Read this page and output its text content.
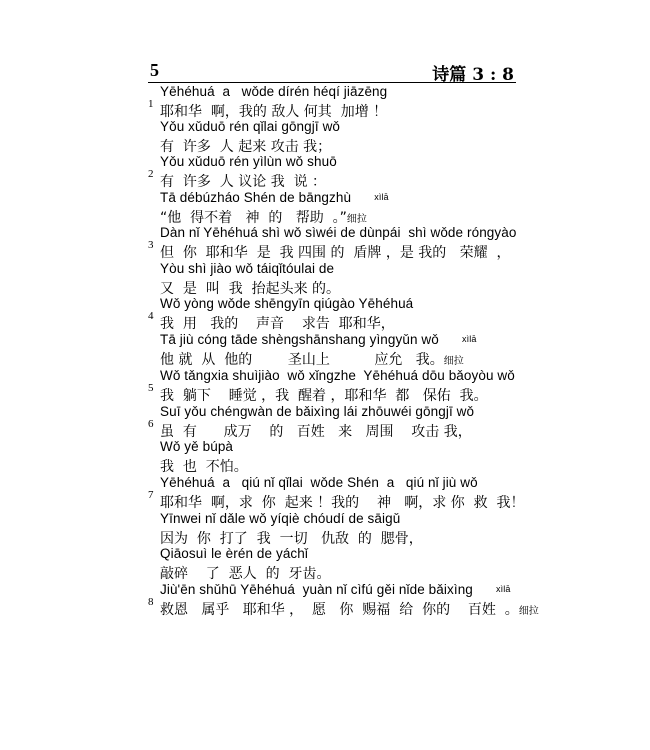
5	诗篇 3 : 8
1
Yēhéhuá  a   wǒde dírén héqí jiāzēng
耶和华  啊，我的 敌人 何其  加增 ！
Yǒu xǔduō rén qǐlai gōngjī wǒ
有  许多  人 起来 攻击 我；
2
Yǒu xǔduō rén yìlùn wǒ shuō
有  许多  人 议论 我  说 ：
Tā débúzháo Shén de bāngzhù	xìlā
“他  得不着   神  的   帮助  。”细拉
3
Dàn nǐ Yēhéhuá shì wǒ sìwéi de dùnpái  shì wǒde róngyào
但  你  耶和华  是  我 四围 的  盾牌 ，是 我的   荣耀  ，
Yòu shì jiào wǒ táiqǐtóulai de
又  是  叫  我  抬起头来 的。
4
Wǒ yòng wǒde shēngyīn qiúgào Yēhéhuá
我  用   我的    声音    求告  耶和华，
Tā jiù cóng tāde shèngshānshang yìngyǔn wǒ	xìlā
他 就  从  他的        圣山上          应允   我。细拉
5
Wǒ tǎngxia shuìjiào  wǒ xǐngzhe  Yēhéhuá dōu bǎoyòu wǒ
我  躺下    睡觉 ，我  醒着 ，耶和华  都   保佑  我。
6
Suī yǒu chéngwàn de bǎixìng lái zhōuwéi gōngjī wǒ
虽  有      成万    的   百姓   来   周围    攻击 我，
Wǒ yě búpà
我  也  不怕。
7
Yēhéhuá  a   qiú nǐ qǐlai  wǒde Shén  a   qiú nǐ jiù wǒ
耶和华  啊，求  你  起来 ！我的    神   啊，求 你  救  我！
Yīnwei nǐ dǎle wǒ yíqiè chóudí de sāigǔ
因为  你  打了  我  一切   仇敌  的  腮骨，
Qiāosuì le èrén de yáchǐ
敲碎    了  恶人  的  牙齿。
8
Jiù'ēn shǔhū Yēhéhuá  yuàn nǐ cìfú gěi nǐde bǎixìng	xìlā
救恩   属乎   耶和华 ，  愿   你  赐福  给  你的    百姓  。细拉
